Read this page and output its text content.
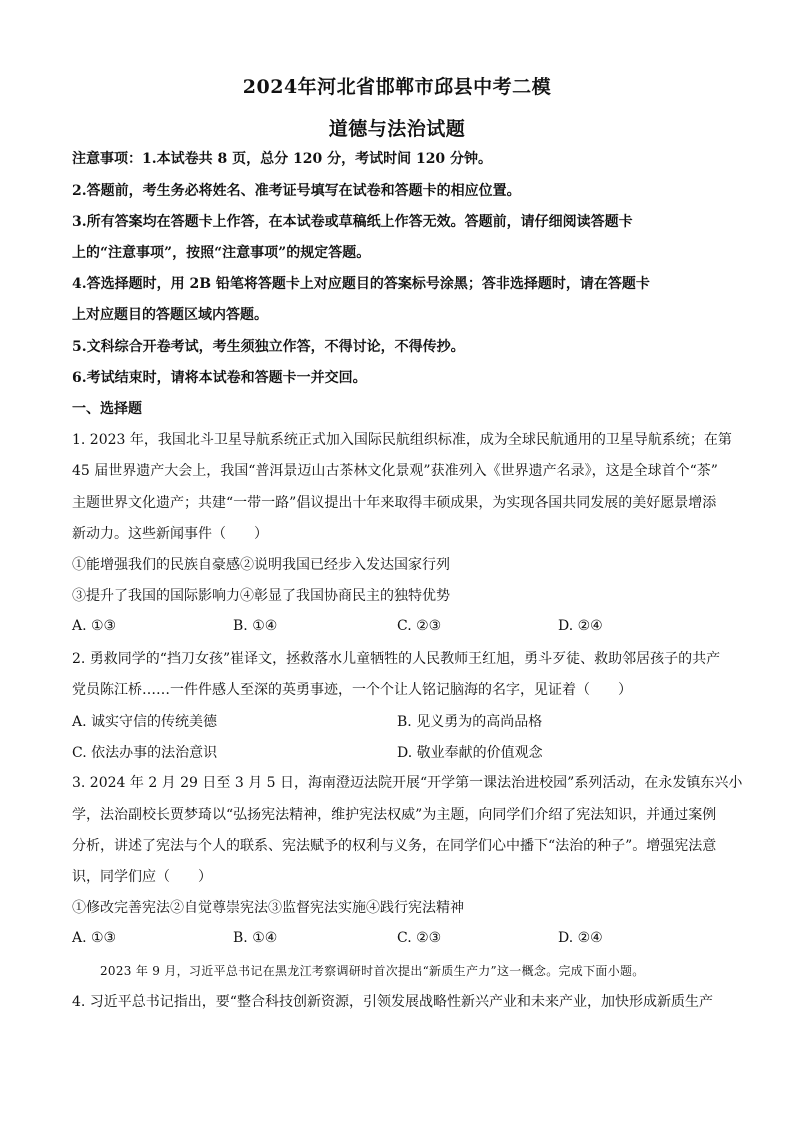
2024年河北省邯郸市邱县中考二模
道德与法治试题
注意事项：1.本试卷共 8 页，总分 120 分，考试时间 120 分钟。
2.答题前，考生务必将姓名、准考证号填写在试卷和答题卡的相应位置。
3.所有答案均在答题卡上作答，在本试卷或草稿纸上作答无效。答题前，请仔细阅读答题卡
上的“注意事项”，按照“注意事项”的规定答题。
4.答选择题时，用 2B 铅笔将答题卡上对应题目的答案标号涂黑；答非选择题时，请在答题卡
上对应题目的答题区域内答题。
5.文科综合开卷考试，考生须独立作答，不得讨论，不得传抄。
6.考试结束时，请将本试卷和答题卡一并交回。
一、选择题
1. 2023 年，我国北斗卫星导航系统正式加入国际民航组织标准，成为全球民航通用的卫星导航系统；在第
45 届世界遗产大会上，我国“普洱景迈山古茶林文化景观”获准列入《世界遗产名录》，这是全球首个“茶”
主题世界文化遗产；共建“一带一路”倡议提出十年来取得丰硕成果，为实现各国共同发展的美好愿景增添
新动力。这些新闻事件（　　）
①能增强我们的民族自豪感②说明我国已经步入发达国家行列
③提升了我国的国际影响力④彰显了我国协商民主的独特优势
A. ①③	B. ①④	C. ②③	D. ②④
2. 勇救同学的“挡刀女孩”崔译文，拯救落水儿童牺牲的人民教师王红旭，勇斗歹徒、救助邻居孩子的共产
党员陈江桥……一件件感人至深的英勇事迹，一个个让人铭记脑海的名字，见证着（　　）
A. 诚实守信的传统美德	B. 见义勇为的高尚品格
C. 依法办事的法治意识	D. 敬业奉献的价值观念
3. 2024 年 2 月 29 日至 3 月 5 日，海南澄迈法院开展“开学第一课法治进校园”系列活动，在永发镇东兴小
学，法治副校长贾梦琦以“弘扬宪法精神，维护宪法权威”为主题，向同学们介绍了宪法知识，并通过案例
分析，讲述了宪法与个人的联系、宪法赋予的权利与义务，在同学们心中播下“法治的种子”。增强宪法意
识，同学们应（　　）
①修改完善宪法②自觉尊崇宪法③监督宪法实施④践行宪法精神
A. ①③	B. ①④	C. ②③	D. ②④
2023 年 9 月，习近平总书记在黑龙江考察调研时首次提出“新质生产力”这一概念。完成下面小题。
4. 习近平总书记指出，要“整合科技创新资源，引领发展战略性新兴产业和未来产业，加快形成新质生产
